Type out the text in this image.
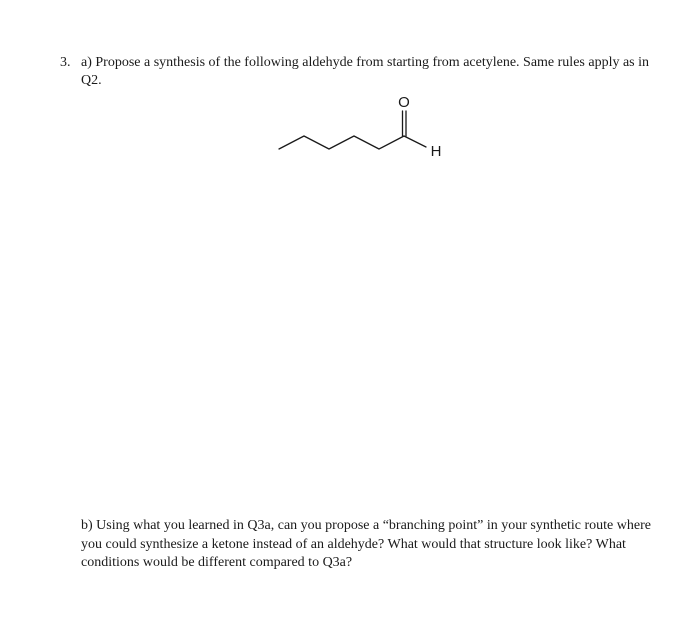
3. a) Propose a synthesis of the following aldehyde from starting from acetylene. Same rules apply as in Q2.
O
H
b) Using what you learned in Q3a, can you propose a “branching point” in your synthetic route where you could synthesize a ketone instead of an aldehyde? What would that structure look like? What conditions would be different compared to Q3a?
